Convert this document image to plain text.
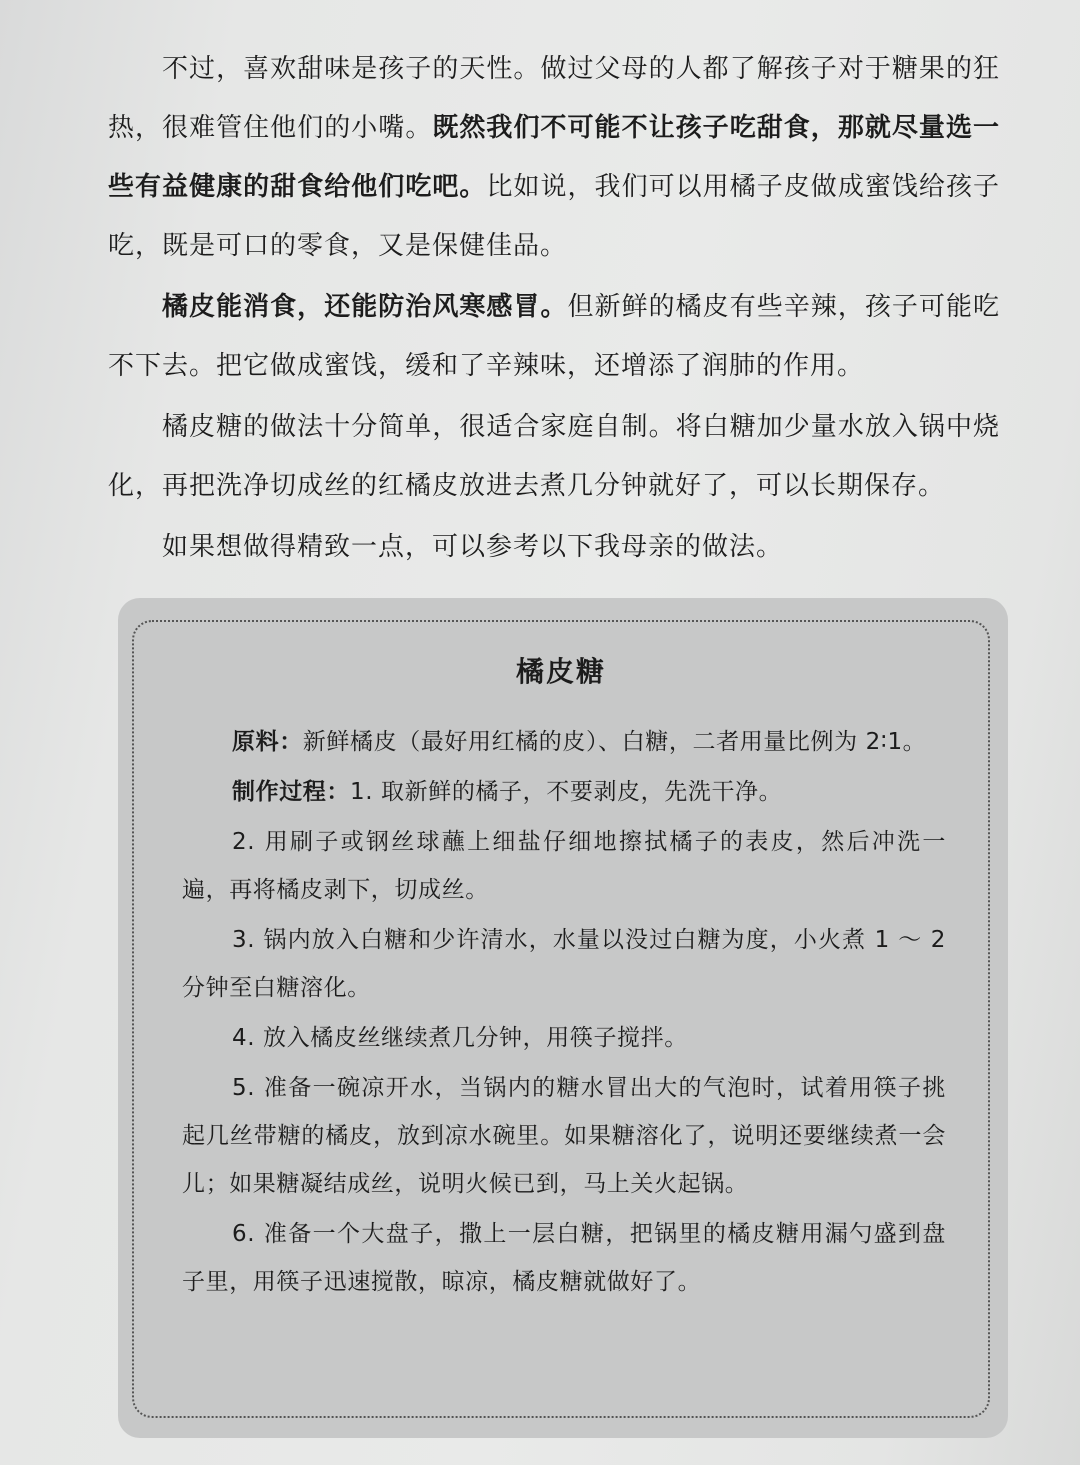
不过，喜欢甜味是孩子的天性。做过父母的人都了解孩子对于糖果的狂热，很难管住他们的小嘴。既然我们不可能不让孩子吃甜食，那就尽量选一些有益健康的甜食给他们吃吧。比如说，我们可以用橘子皮做成蜜饯给孩子吃，既是可口的零食，又是保健佳品。

橘皮能消食，还能防治风寒感冒。但新鲜的橘皮有些辛辣，孩子可能吃不下去。把它做成蜜饯，缓和了辛辣味，还增添了润肺的作用。

橘皮糖的做法十分简单，很适合家庭自制。将白糖加少量水放入锅中烧化，再把洗净切成丝的红橘皮放进去煮几分钟就好了，可以长期保存。

如果想做得精致一点，可以参考以下我母亲的做法。

橘皮糖

原料：新鲜橘皮（最好用红橘的皮）、白糖，二者用量比例为 2∶1。

制作过程：1. 取新鲜的橘子，不要剥皮，先洗干净。

2. 用刷子或钢丝球蘸上细盐仔细地擦拭橘子的表皮，然后冲洗一遍，再将橘皮剥下，切成丝。

3. 锅内放入白糖和少许清水，水量以没过白糖为度，小火煮 1 ～ 2 分钟至白糖溶化。

4. 放入橘皮丝继续煮几分钟，用筷子搅拌。

5. 准备一碗凉开水，当锅内的糖水冒出大的气泡时，试着用筷子挑起几丝带糖的橘皮，放到凉水碗里。如果糖溶化了，说明还要继续煮一会儿；如果糖凝结成丝，说明火候已到，马上关火起锅。

6. 准备一个大盘子，撒上一层白糖，把锅里的橘皮糖用漏勺盛到盘子里，用筷子迅速搅散，晾凉，橘皮糖就做好了。
